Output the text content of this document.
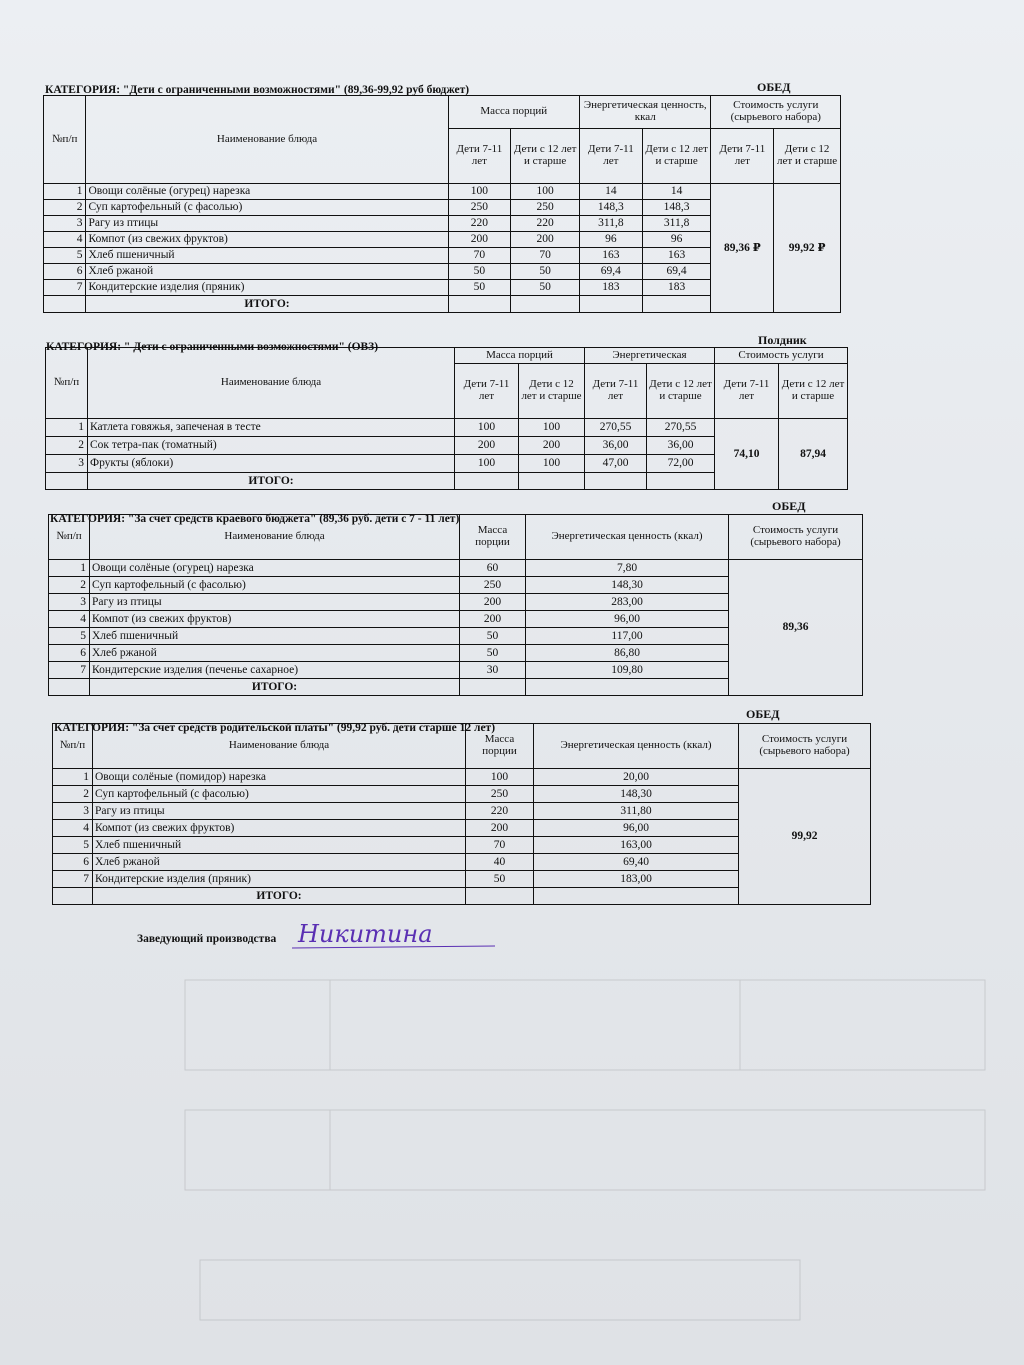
КАТЕГОРИЯ: "Дети с ограниченными возможностями" (89,36-99,92 руб бюджет)	ОБЕД
№п/п	Наименование блюда	Масса порций		Энергетическая ценность, ккал		Стоимость услуги (сырьевого набора)	
		Дети 7-11 лет	Дети с 12 лет и старше	Дети 7-11 лет	Дети с 12 лет и старше	Дети 7-11 лет	Дети с 12 лет и старше
1	Овощи солёные (огурец) нарезка	100	100	14	14	89,36 ₽	99,92 ₽
2	Суп картофельный (с фасолью)	250	250	148,3	148,3		
3	Рагу из птицы	220	220	311,8	311,8		
4	Компот (из свежих фруктов)	200	200	96	96		
5	Хлеб пшеничный	70	70	163	163		
6	Хлеб ржаной	50	50	69,4	69,4		
7	Кондитерские изделия (пряник)	50	50	183	183		
	ИТОГО:						
КАТЕГОРИЯ: " Дети с ограниченными возможностями" (ОВЗ)	Полдник
№п/п	Наименование блюда	Масса порций		Энергетическая		Стоимость услуги	
		Дети 7-11 лет	Дети с 12 лет и старше	Дети 7-11 лет	Дети с 12 лет и старше	Дети 7-11 лет	Дети с 12 лет и старше
1	Катлета говяжья, запеченая в тесте	100	100	270,55	270,55	74,10	87,94
2	Сок тетра-пак (томатный)	200	200	36,00	36,00		
3	Фрукты (яблоки)	100	100	47,00	72,00		
	ИТОГО:						
КАТЕГОРИЯ: "За счет средств краевого бюджета" (89,36 руб. дети с 7 - 11 лет)
ОБЕД
№п/п	Наименование блюда	Масса порции	Энергетическая ценность (ккал)	Стоимость услуги (сырьевого набора)
1	Овощи солёные (огурец) нарезка	60	7,80	89,36
2	Суп картофельный (с фасолью)	250	148,30	
3	Рагу из птицы	200	283,00	
4	Компот (из свежих фруктов)	200	96,00	
5	Хлеб пшеничный	50	117,00	
6	Хлеб ржаной	50	86,80	
7	Кондитерские изделия (печенье сахарное)	30	109,80	
	ИТОГО:			
КАТЕГОРИЯ: "За счет средств родительской платы" (99,92 руб. дети старше 12 лет)
ОБЕД
№п/п	Наименование блюда	Масса порции	Энергетическая ценность (ккал)	Стоимость услуги (сырьевого набора)
1	Овощи солёные (помидор) нарезка	100	20,00	99,92
2	Суп картофельный (с фасолью)	250	148,30	
3	Рагу из птицы	220	311,80	
4	Компот (из свежих фруктов)	200	96,00	
5	Хлеб пшеничный	70	163,00	
6	Хлеб ржаной	40	69,40	
7	Кондитерские изделия (пряник)	50	183,00	
	ИТОГО:			
Заведующий производства Никитина
